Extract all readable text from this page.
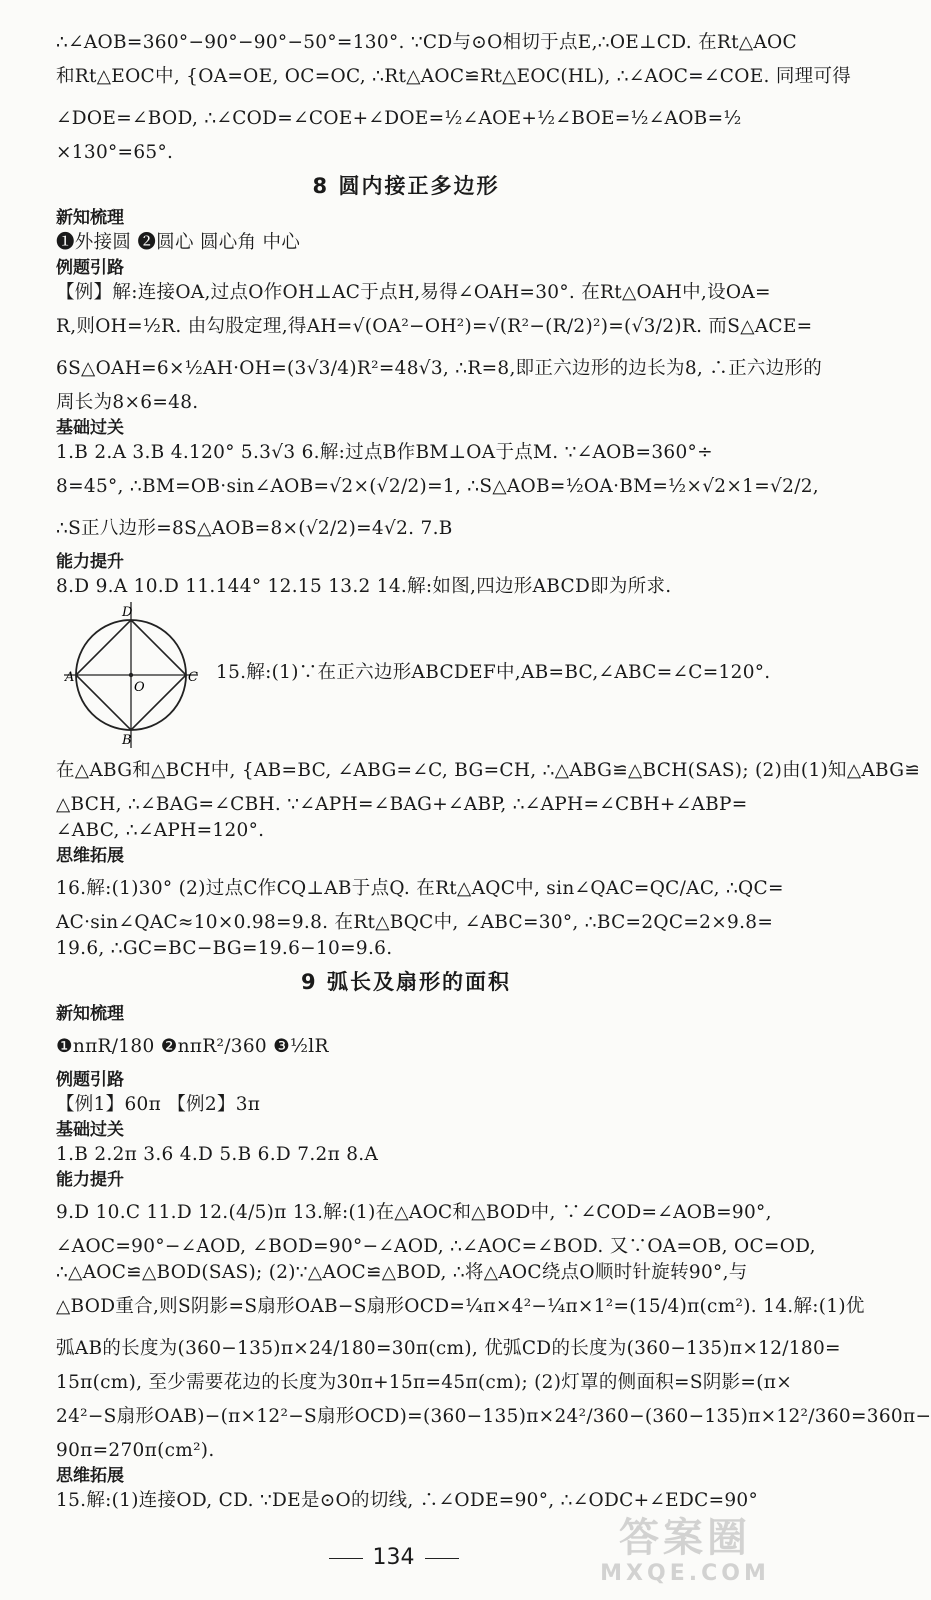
∴∠AOB=360°−90°−90°−50°=130°. ∵CD与⊙O相切于点E,∴OE⊥CD. 在Rt△AOC
和Rt△EOC中, {OA=OE, OC=OC, ∴Rt△AOC≌Rt△EOC(HL), ∴∠AOC=∠COE. 同理可得
∠DOE=∠BOD, ∴∠COD=∠COE+∠DOE=½∠AOE+½∠BOE=½∠AOB=½
×130°=65°.
8 圆内接正多边形
新知梳理
❶外接圆 ❷圆心 圆心角 中心
例题引路
【例】解:连接OA,过点O作OH⊥AC于点H,易得∠OAH=30°. 在Rt△OAH中,设OA=
R,则OH=½R. 由勾股定理,得AH=√(OA²−OH²)=√(R²−(R/2)²)=(√3/2)R. 而S△ACE=
6S△OAH=6×½AH·OH=(3√3/4)R²=48√3, ∴R=8,即正六边形的边长为8, ∴正六边形的
周长为8×6=48.
基础过关
1.B 2.A 3.B 4.120° 5.3√3 6.解:过点B作BM⊥OA于点M. ∵∠AOB=360°÷
8=45°, ∴BM=OB·sin∠AOB=√2×(√2/2)=1, ∴S△AOB=½OA·BM=½×√2×1=√2/2,
∴S正八边形=8S△AOB=8×(√2/2)=4√2. 7.B
能力提升
8.D 9.A 10.D 11.144° 12.15 13.2 14.解:如图,四边形ABCD即为所求.
D
A
O
C
B
15.解:(1)∵在正六边形ABCDEF中,AB=BC,∠ABC=∠C=120°.
在△ABG和△BCH中, {AB=BC, ∠ABG=∠C, BG=CH, ∴△ABG≌△BCH(SAS); (2)由(1)知△ABG≌
△BCH, ∴∠BAG=∠CBH. ∵∠APH=∠BAG+∠ABP, ∴∠APH=∠CBH+∠ABP=
∠ABC, ∴∠APH=120°.
思维拓展
16.解:(1)30° (2)过点C作CQ⊥AB于点Q. 在Rt△AQC中, sin∠QAC=QC/AC, ∴QC=
AC·sin∠QAC≈10×0.98=9.8. 在Rt△BQC中, ∠ABC=30°, ∴BC=2QC=2×9.8=
19.6, ∴GC=BC−BG=19.6−10=9.6.
9 弧长及扇形的面积
新知梳理
❶nπR/180 ❷nπR²/360 ❸½lR
例题引路
【例1】60π 【例2】3π
基础过关
1.B 2.2π 3.6 4.D 5.B 6.D 7.2π 8.A
能力提升
9.D 10.C 11.D 12.(4/5)π 13.解:(1)在△AOC和△BOD中, ∵∠COD=∠AOB=90°,
∠AOC=90°−∠AOD, ∠BOD=90°−∠AOD, ∴∠AOC=∠BOD. 又∵OA=OB, OC=OD,
∴△AOC≌△BOD(SAS); (2)∵△AOC≌△BOD, ∴将△AOC绕点O顺时针旋转90°,与
△BOD重合,则S阴影=S扇形OAB−S扇形OCD=¼π×4²−¼π×1²=(15/4)π(cm²). 14.解:(1)优
弧AB的长度为(360−135)π×24/180=30π(cm), 优弧CD的长度为(360−135)π×12/180=
15π(cm), 至少需要花边的长度为30π+15π=45π(cm); (2)灯罩的侧面积=S阴影=(π×
24²−S扇形OAB)−(π×12²−S扇形OCD)=(360−135)π×24²/360−(360−135)π×12²/360=360π−
90π=270π(cm²).
思维拓展
15.解:(1)连接OD, CD. ∵DE是⊙O的切线, ∴∠ODE=90°, ∴∠ODC+∠EDC=90°
134	答案圈
MXQE.COM
